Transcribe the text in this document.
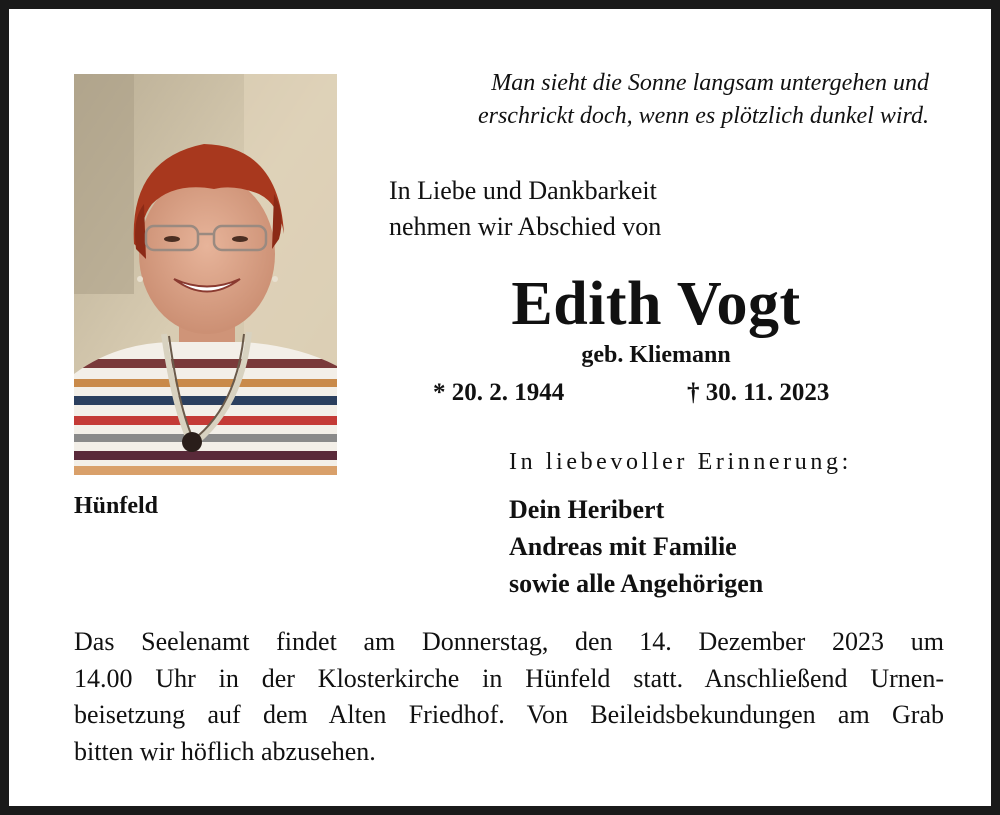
Man sieht die Sonne langsam untergehen und
erschrickt doch, wenn es plötzlich dunkel wird.
In Liebe und Dankbarkeit
nehmen wir Abschied von
Edith Vogt
geb. Kliemann
* 20. 2. 1944	† 30. 11. 2023
Hünfeld
In liebevoller Erinnerung:
Dein Heribert
Andreas mit Familie
sowie alle Angehörigen
Das Seelenamt findet am Donnerstag, den 14. Dezember 2023 um
14.00 Uhr in der Klosterkirche in Hünfeld statt. Anschließend Urnen-
beisetzung auf dem Alten Friedhof. Von Beileidsbekundungen am Grab
bitten wir höflich abzusehen.
